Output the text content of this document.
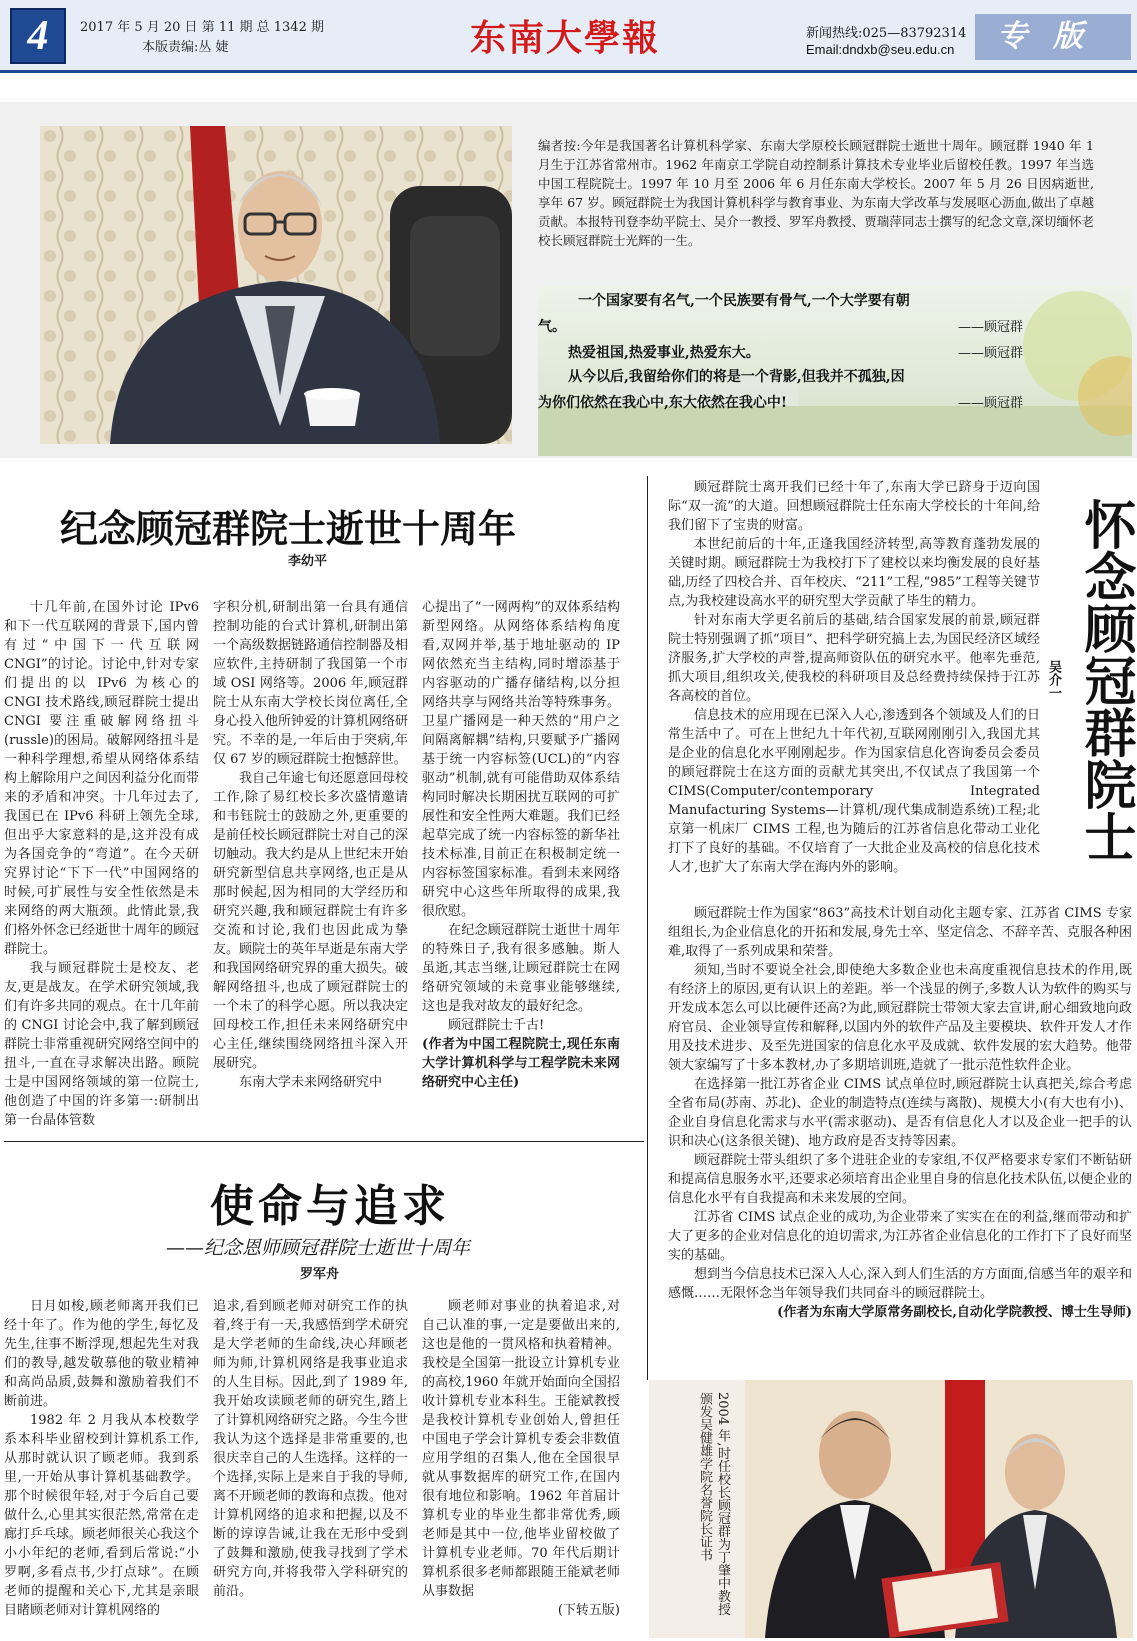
4	2017 年 5 月 20 日 第 11 期 总 1342 期
本版责编:丛 婕	东南大學報	新闻热线:025—83792314
Email:dndxb@seu.edu.cn	专版
编者按:今年是我国著名计算机科学家、东南大学原校长顾冠群院士逝世十周年。顾冠群 1940 年 1 月生于江苏省常州市。1962 年南京工学院自动控制系计算技术专业毕业后留校任教。1997 年当选中国工程院院士。1997 年 10 月至 2006 年 6 月任东南大学校长。2007 年 5 月 26 日因病逝世,享年 67 岁。顾冠群院士为我国计算机科学与教育事业、为东南大学改革与发展呕心沥血,做出了卓越贡献。本报特刊登李幼平院士、吴介一教授、罗军舟教授、贾瑞萍同志士撰写的纪念文章,深切缅怀老校长顾冠群院士光辉的一生。
一个国家要有名气,一个民族要有骨气,一个大学要有朝
气。	——顾冠群
热爱祖国,热爱事业,热爱东大。	——顾冠群
从今以后,我留给你们的将是一个背影,但我并不孤独,因
为你们依然在我心中,东大依然在我心中!	——顾冠群
纪念顾冠群院士逝世十周年
李幼平

十几年前,在国外讨论 IPv6 和下一代互联网的背景下,国内曾有过“中国下一代互联网 CNGI”的讨论。讨论中,针对专家们提出的以 IPv6 为核心的 CNGI 技术路线,顾冠群院士提出 CNGI 要注重破解网络扭斗(russle)的困局。破解网络扭斗是一种科学理想,希望从网络体系结构上解除用户之间因利益分化而带来的矛盾和冲突。十几年过去了,我国已在 IPv6 科研上领先全球,但出乎大家意料的是,这并没有成为各国竞争的“弯道”。在今天研究界讨论“下下一代”中国网络的时候,可扩展性与安全性依然是未来网络的两大瓶颈。此情此景,我们格外怀念已经逝世十周年的顾冠群院士。

我与顾冠群院士是校友、老友,更是战友。在学术研究领域,我们有许多共同的观点。在十几年前的 CNGI 讨论会中,我了解到顾冠群院士非常重视研究网络空间中的扭斗,一直在寻求解决出路。顾院士是中国网络领域的第一位院士,他创造了中国的许多第一:研制出第一台晶体管数

字积分机,研制出第一台具有通信控制功能的台式计算机,研制出第一个高级数据链路通信控制器及相应软件,主持研制了我国第一个市域 OSI 网络等。2006 年,顾冠群院士从东南大学校长岗位离任,全身心投入他所钟爱的计算机网络研究。不幸的是,一年后由于突病,年仅 67 岁的顾冠群院士抱憾辞世。

我自己年逾七旬还愿意回母校工作,除了易红校长多次盛情邀请和韦钰院士的鼓励之外,更重要的是前任校长顾冠群院士对自己的深切触动。我大约是从上世纪末开始研究新型信息共享网络,也正是从那时候起,因为相同的大学经历和研究兴趣,我和顾冠群院士有许多交流和讨论,我们也因此成为挚友。顾院士的英年早逝是东南大学和我国网络研究界的重大损失。破解网络扭斗,也成了顾冠群院士的一个未了的科学心愿。所以我决定回母校工作,担任未来网络研究中心主任,继续围绕网络扭斗深入开展研究。

东南大学未来网络研究中

心提出了“一网两构”的双体系结构新型网络。从网络体系结构角度看,双网并举,基于地址驱动的 IP 网依然充当主结构,同时增添基于内容驱动的广播存储结构,以分担网络共享与网络共治等特殊事务。卫星广播网是一种天然的“用户之间隔离解耦”结构,只要赋予广播网基于统一内容标签(UCL)的“内容驱动”机制,就有可能借助双体系结构同时解决长期困扰互联网的可扩展性和安全性两大难题。我们已经起草完成了统一内容标签的新华社技术标准,目前正在积极制定统一内容标签国家标准。看到未来网络研究中心这些年所取得的成果,我很欣慰。

在纪念顾冠群院士逝世十周年的特殊日子,我有很多感触。斯人虽逝,其志当继,让顾冠群院士在网络研究领域的未竟事业能够继续,这也是我对故友的最好纪念。

顾冠群院士千古!

(作者为中国工程院院士,现任东南大学计算机科学与工程学院未来网络研究中心主任)

使命与追求
——纪念恩师顾冠群院士逝世十周年
罗军舟

日月如梭,顾老师离开我们已经十年了。作为他的学生,每忆及先生,往事不断浮现,想起先生对我们的教导,越发敬慕他的敬业精神和高尚品质,鼓舞和激励着我们不断前进。

1982 年 2 月我从本校数学系本科毕业留校到计算机系工作,从那时就认识了顾老师。我到系里,一开始从事计算机基础教学。那个时候很年轻,对于今后自己要做什么,心里其实很茫然,常常在走廊打乒乓球。顾老师很关心我这个小小年纪的老师,看到后常说:“小罗啊,多看点书,少打点球”。在顾老师的提醒和关心下,尤其是亲眼目睹顾老师对计算机网络的

追求,看到顾老师对研究工作的执着,终于有一天,我感悟到学术研究是大学老师的生命线,决心拜顾老师为师,计算机网络是我事业追求的人生目标。因此,到了 1989 年,我开始攻读顾老师的研究生,踏上了计算机网络研究之路。今生今世我认为这个选择是非常重要的,也很庆幸自己的人生选择。这样的一个选择,实际上是来自于我的导师,离不开顾老师的教诲和点拨。他对计算机网络的追求和把握,以及不断的谆谆告诫,让我在无形中受到了鼓舞和激励,使我寻找到了学术研究方向,并将我带入学科研究的前沿。

顾老师对事业的执着追求,对自己认准的事,一定是要做出来的,这也是他的一贯风格和执着精神。我校是全国第一批设立计算机专业的高校,1960 年就开始面向全国招收计算机专业本科生。王能斌教授是我校计算机专业创始人,曾担任中国电子学会计算机专委会非数值应用学组的召集人,他在全国很早就从事数据库的研究工作,在国内很有地位和影响。1962 年首届计算机专业的毕业生都非常优秀,顾老师是其中一位,他毕业留校做了计算机专业老师。70 年代后期计算机系很多老师都跟随王能斌老师从事数据

(下转五版)

怀念顾冠群院士
吴介一

顾冠群院士离开我们已经十年了,东南大学已跻身于迈向国际“双一流”的大道。回想顾冠群院士任东南大学校长的十年间,给我们留下了宝贵的财富。

本世纪前后的十年,正逢我国经济转型,高等教育蓬勃发展的关键时期。顾冠群院士为我校打下了建校以来均衡发展的良好基础,历经了四校合并、百年校庆、“211”工程,“985”工程等关键节点,为我校建设高水平的研究型大学贡献了毕生的精力。

针对东南大学更名前后的基础,结合国家发展的前景,顾冠群院士特别强调了抓“项目”、把科学研究搞上去,为国民经济区域经济服务,扩大学校的声誉,提高师资队伍的研究水平。他率先垂范,抓大项目,组织攻关,使我校的科研项目及总经费持续保持于江苏各高校的首位。

信息技术的应用现在已深入人心,渗透到各个领域及人们的日常生活中了。可在上世纪九十年代初,互联网刚刚引入,我国尤其是企业的信息化水平刚刚起步。作为国家信息化咨询委员会委员的顾冠群院士在这方面的贡献尤其突出,不仅试点了我国第一个 CIMS(Computer/contemporary Integrated Manufacturing Systems—计算机/现代集成制造系统)工程;北京第一机床厂 CIMS 工程,也为随后的江苏省信息化带动工业化打下了良好的基础。不仅培育了一大批企业及高校的信息化技术人才,也扩大了东南大学在海内外的影响。

顾冠群院士作为国家“863”高技术计划自动化主题专家、江苏省 CIMS 专家组组长,为企业信息化的开拓和发展,身先士卒、坚定信念、不辞辛苦、克服各种困难,取得了一系列成果和荣誉。

须知,当时不要说全社会,即使绝大多数企业也未高度重视信息技术的作用,既有经济上的原因,更有认识上的差距。举一个浅显的例子,多数人认为软件的购买与开发成本怎么可以比硬件还高?为此,顾冠群院士带领大家去宣讲,耐心细致地向政府官员、企业领导宣传和解释,以国内外的软件产品及主要模块、软件开发人才作用及技术进步、及至先进国家的信息化水平及成就、软件发展的宏大趋势。他带领大家编写了十多本教材,办了多期培训班,造就了一批示范性软件企业。

在选择第一批江苏省企业 CIMS 试点单位时,顾冠群院士认真把关,综合考虑全省布局(苏南、苏北)、企业的制造特点(连续与离散)、规模大小(有大也有小)、企业自身信息化需求与水平(需求驱动)、是否有信息化人才以及企业一把手的认识和决心(这条很关键)、地方政府是否支持等因素。

顾冠群院士带头组织了多个进驻企业的专家组,不仅严格要求专家们不断钻研和提高信息服务水平,还要求必须培育出企业里自身的信息化技术队伍,以便企业的信息化水平有自我提高和未来发展的空间。

江苏省 CIMS 试点企业的成功,为企业带来了实实在在的利益,继而带动和扩大了更多的企业对信息化的迫切需求,为江苏省企业信息化的工作打下了良好而坚实的基础。

想到当今信息技术已深入人心,深入到人们生活的方方面面,信感当年的艰辛和感慨……无限怀念当年领导我们共同奋斗的顾冠群院士。

(作者为东南大学原常务副校长,自动化学院教授、博士生导师)

2004 年,时任校长顾冠群为丁肇中教授颁发吴健雄学院名誉院长证书
